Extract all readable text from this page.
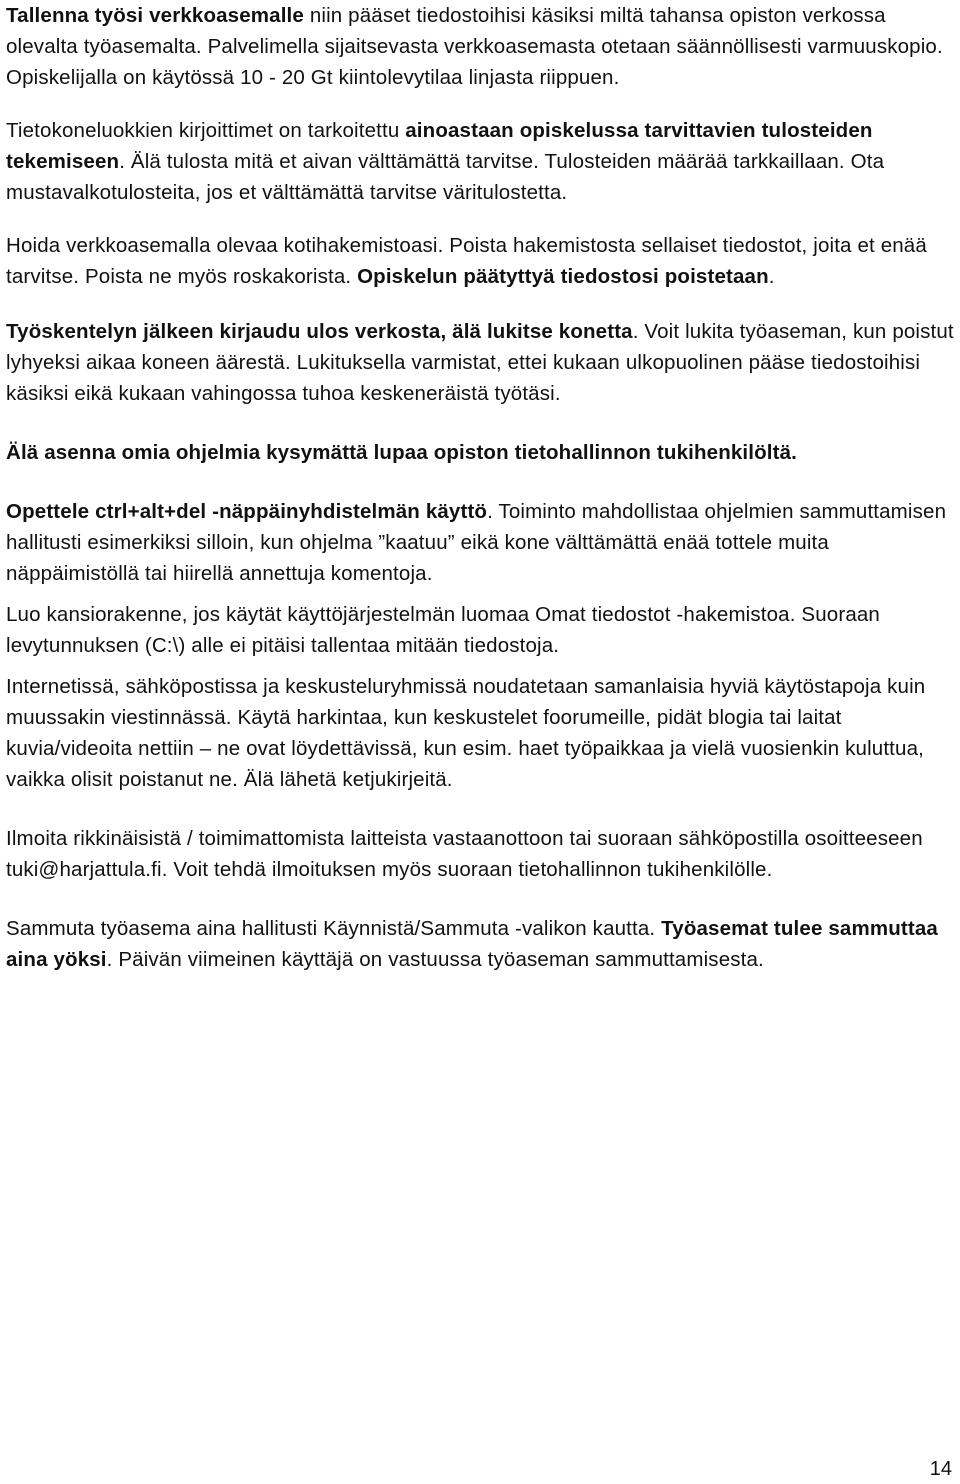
Tallenna työsi verkkoasemalle niin pääset tiedostoihisi käsiksi miltä tahansa opiston verkossa olevalta työasemalta. Palvelimella sijaitsevasta verkkoasemasta otetaan säännöllisesti varmuuskopio. Opiskelijalla on käytössä 10 - 20 Gt kiintolevytilaa linjasta riippuen.

Tietokoneluokkien kirjoittimet on tarkoitettu ainoastaan opiskelussa tarvittavien tulosteiden tekemiseen. Älä tulosta mitä et aivan välttämättä tarvitse. Tulosteiden määrää tarkkaillaan. Ota mustavalkotulosteita, jos et välttämättä tarvitse väritulostetta.

Hoida verkkoasemalla olevaa kotihakemistoasi. Poista hakemistosta sellaiset tiedostot, joita et enää tarvitse. Poista ne myös roskakorista. Opiskelun päätyttyä tiedostosi poistetaan.

Työskentelyn jälkeen kirjaudu ulos verkosta, älä lukitse konetta. Voit lukita työaseman, kun poistut lyhyeksi aikaa koneen äärestä. Lukituksella varmistat, ettei kukaan ulkopuolinen pääse tiedostoihisi käsiksi eikä kukaan vahingossa tuhoa keskeneräistä työtäsi.

Älä asenna omia ohjelmia kysymättä lupaa opiston tietohallinnon tukihenkilöltä.

Opettele ctrl+alt+del -näppäinyhdistelmän käyttö. Toiminto mahdollistaa ohjelmien sammuttamisen hallitusti esimerkiksi silloin, kun ohjelma ”kaatuu” eikä kone välttämättä enää tottele muita näppäimistöllä tai hiirellä annettuja komentoja.

Luo kansiorakenne, jos käytät käyttöjärjestelmän luomaa Omat tiedostot -hakemistoa. Suoraan levytunnuksen (C:\) alle ei pitäisi tallentaa mitään tiedostoja.

Internetissä, sähköpostissa ja keskusteluryhmissä noudatetaan samanlaisia hyviä käytöstapoja kuin muussakin viestinnässä. Käytä harkintaa, kun keskustelet foorumeille, pidät blogia tai laitat kuvia/videoita nettiin – ne ovat löydettävissä, kun esim. haet työpaikkaa ja vielä vuosienkin kuluttua, vaikka olisit poistanut ne. Älä lähetä ketjukirjeitä.

Ilmoita rikkinäisistä / toimimattomista laitteista vastaanottoon tai suoraan sähköpostilla osoitteeseen tuki@harjattula.fi. Voit tehdä ilmoituksen myös suoraan tietohallinnon tukihenkilölle.

Sammuta työasema aina hallitusti Käynnistä/Sammuta -valikon kautta. Työasemat tulee sammuttaa aina yöksi. Päivän viimeinen käyttäjä on vastuussa työaseman sammuttamisesta.

14
